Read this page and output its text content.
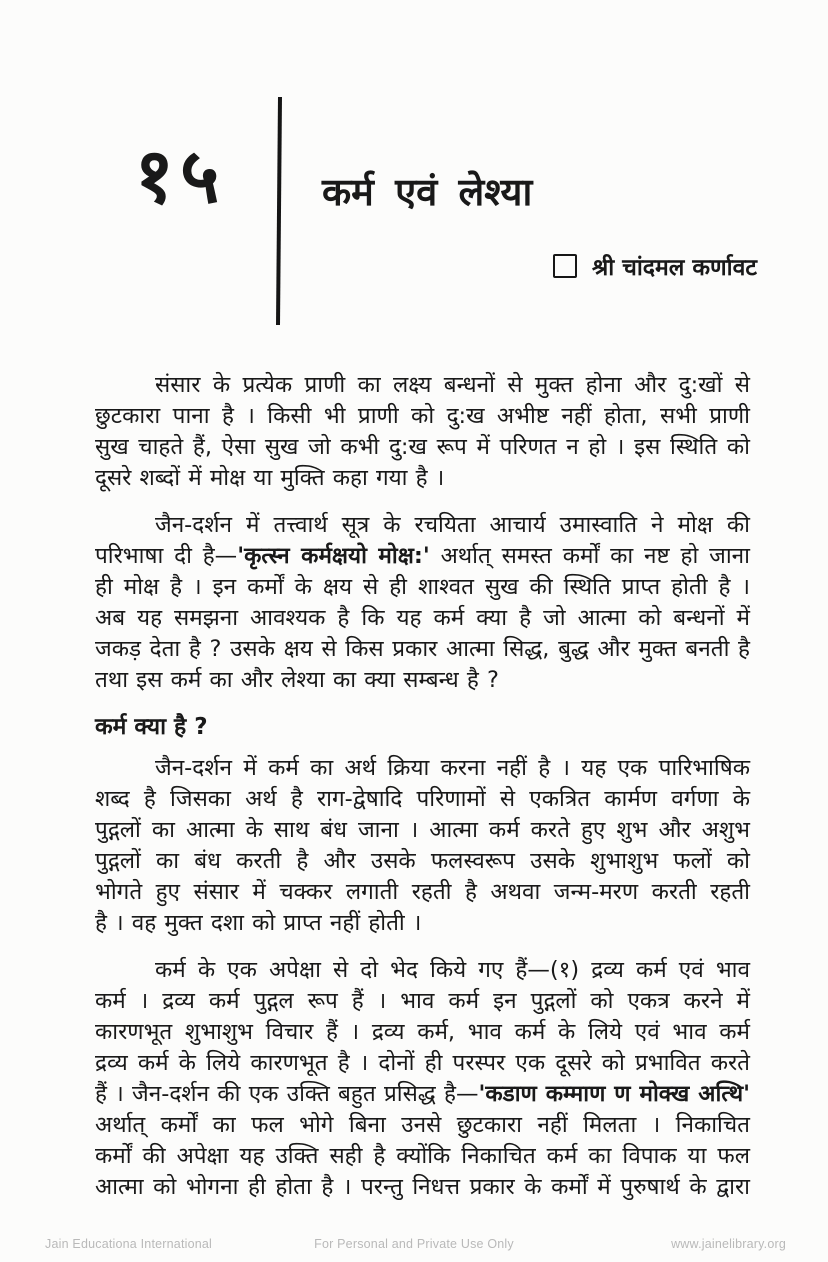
१५	कर्म एवं लेश्या
श्री चांदमल कर्णावट
संसार के प्रत्येक प्राणी का लक्ष्य बन्धनों से मुक्त होना और दु:खों से
छुटकारा पाना है । किसी भी प्राणी को दु:ख अभीष्ट नहीं होता, सभी प्राणी
सुख चाहते हैं, ऐसा सुख जो कभी दु:ख रूप में परिणत न हो । इस स्थिति को
दूसरे शब्दों में मोक्ष या मुक्ति कहा गया है ।
जैन-दर्शन में तत्त्वार्थ सूत्र के रचयिता आचार्य उमास्वाति ने मोक्ष की
परिभाषा दी है—'कृत्स्न कर्मक्षयो मोक्ष:' अर्थात् समस्त कर्मों का नष्ट हो जाना
ही मोक्ष है । इन कर्मों के क्षय से ही शाश्वत सुख की स्थिति प्राप्त होती है ।
अब यह समझना आवश्यक है कि यह कर्म क्या है जो आत्मा को बन्धनों में
जकड़ देता है ? उसके क्षय से किस प्रकार आत्मा सिद्ध, बुद्ध और मुक्त बनती है
तथा इस कर्म का और लेश्या का क्या सम्बन्ध है ?
कर्म क्या है ?
जैन-दर्शन में कर्म का अर्थ क्रिया करना नहीं है । यह एक पारिभाषिक
शब्द है जिसका अर्थ है राग-द्वेषादि परिणामों से एकत्रित कार्मण वर्गणा के
पुद्गलों का आत्मा के साथ बंध जाना । आत्मा कर्म करते हुए शुभ और अशुभ
पुद्गलों का बंध करती है और उसके फलस्वरूप उसके शुभाशुभ फलों को
भोगते हुए संसार में चक्कर लगाती रहती है अथवा जन्म-मरण करती रहती
है । वह मुक्त दशा को प्राप्त नहीं होती ।
कर्म के एक अपेक्षा से दो भेद किये गए हैं—(१) द्रव्य कर्म एवं भाव
कर्म । द्रव्य कर्म पुद्गल रूप हैं । भाव कर्म इन पुद्गलों को एकत्र करने में
कारणभूत शुभाशुभ विचार हैं । द्रव्य कर्म, भाव कर्म के लिये एवं भाव कर्म
द्रव्य कर्म के लिये कारणभूत है । दोनों ही परस्पर एक दूसरे को प्रभावित करते
हैं । जैन-दर्शन की एक उक्ति बहुत प्रसिद्ध है—'कडाण कम्माण ण मोक्ख अत्थि'
अर्थात् कर्मों का फल भोगे बिना उनसे छुटकारा नहीं मिलता । निकाचित
कर्मों की अपेक्षा यह उक्ति सही है क्योंकि निकाचित कर्म का विपाक या फल
आत्मा को भोगना ही होता है । परन्तु निधत्त प्रकार के कर्मों में पुरुषार्थ के द्वारा
Jain Educationa International	For Personal and Private Use Only	www.jainelibrary.org
